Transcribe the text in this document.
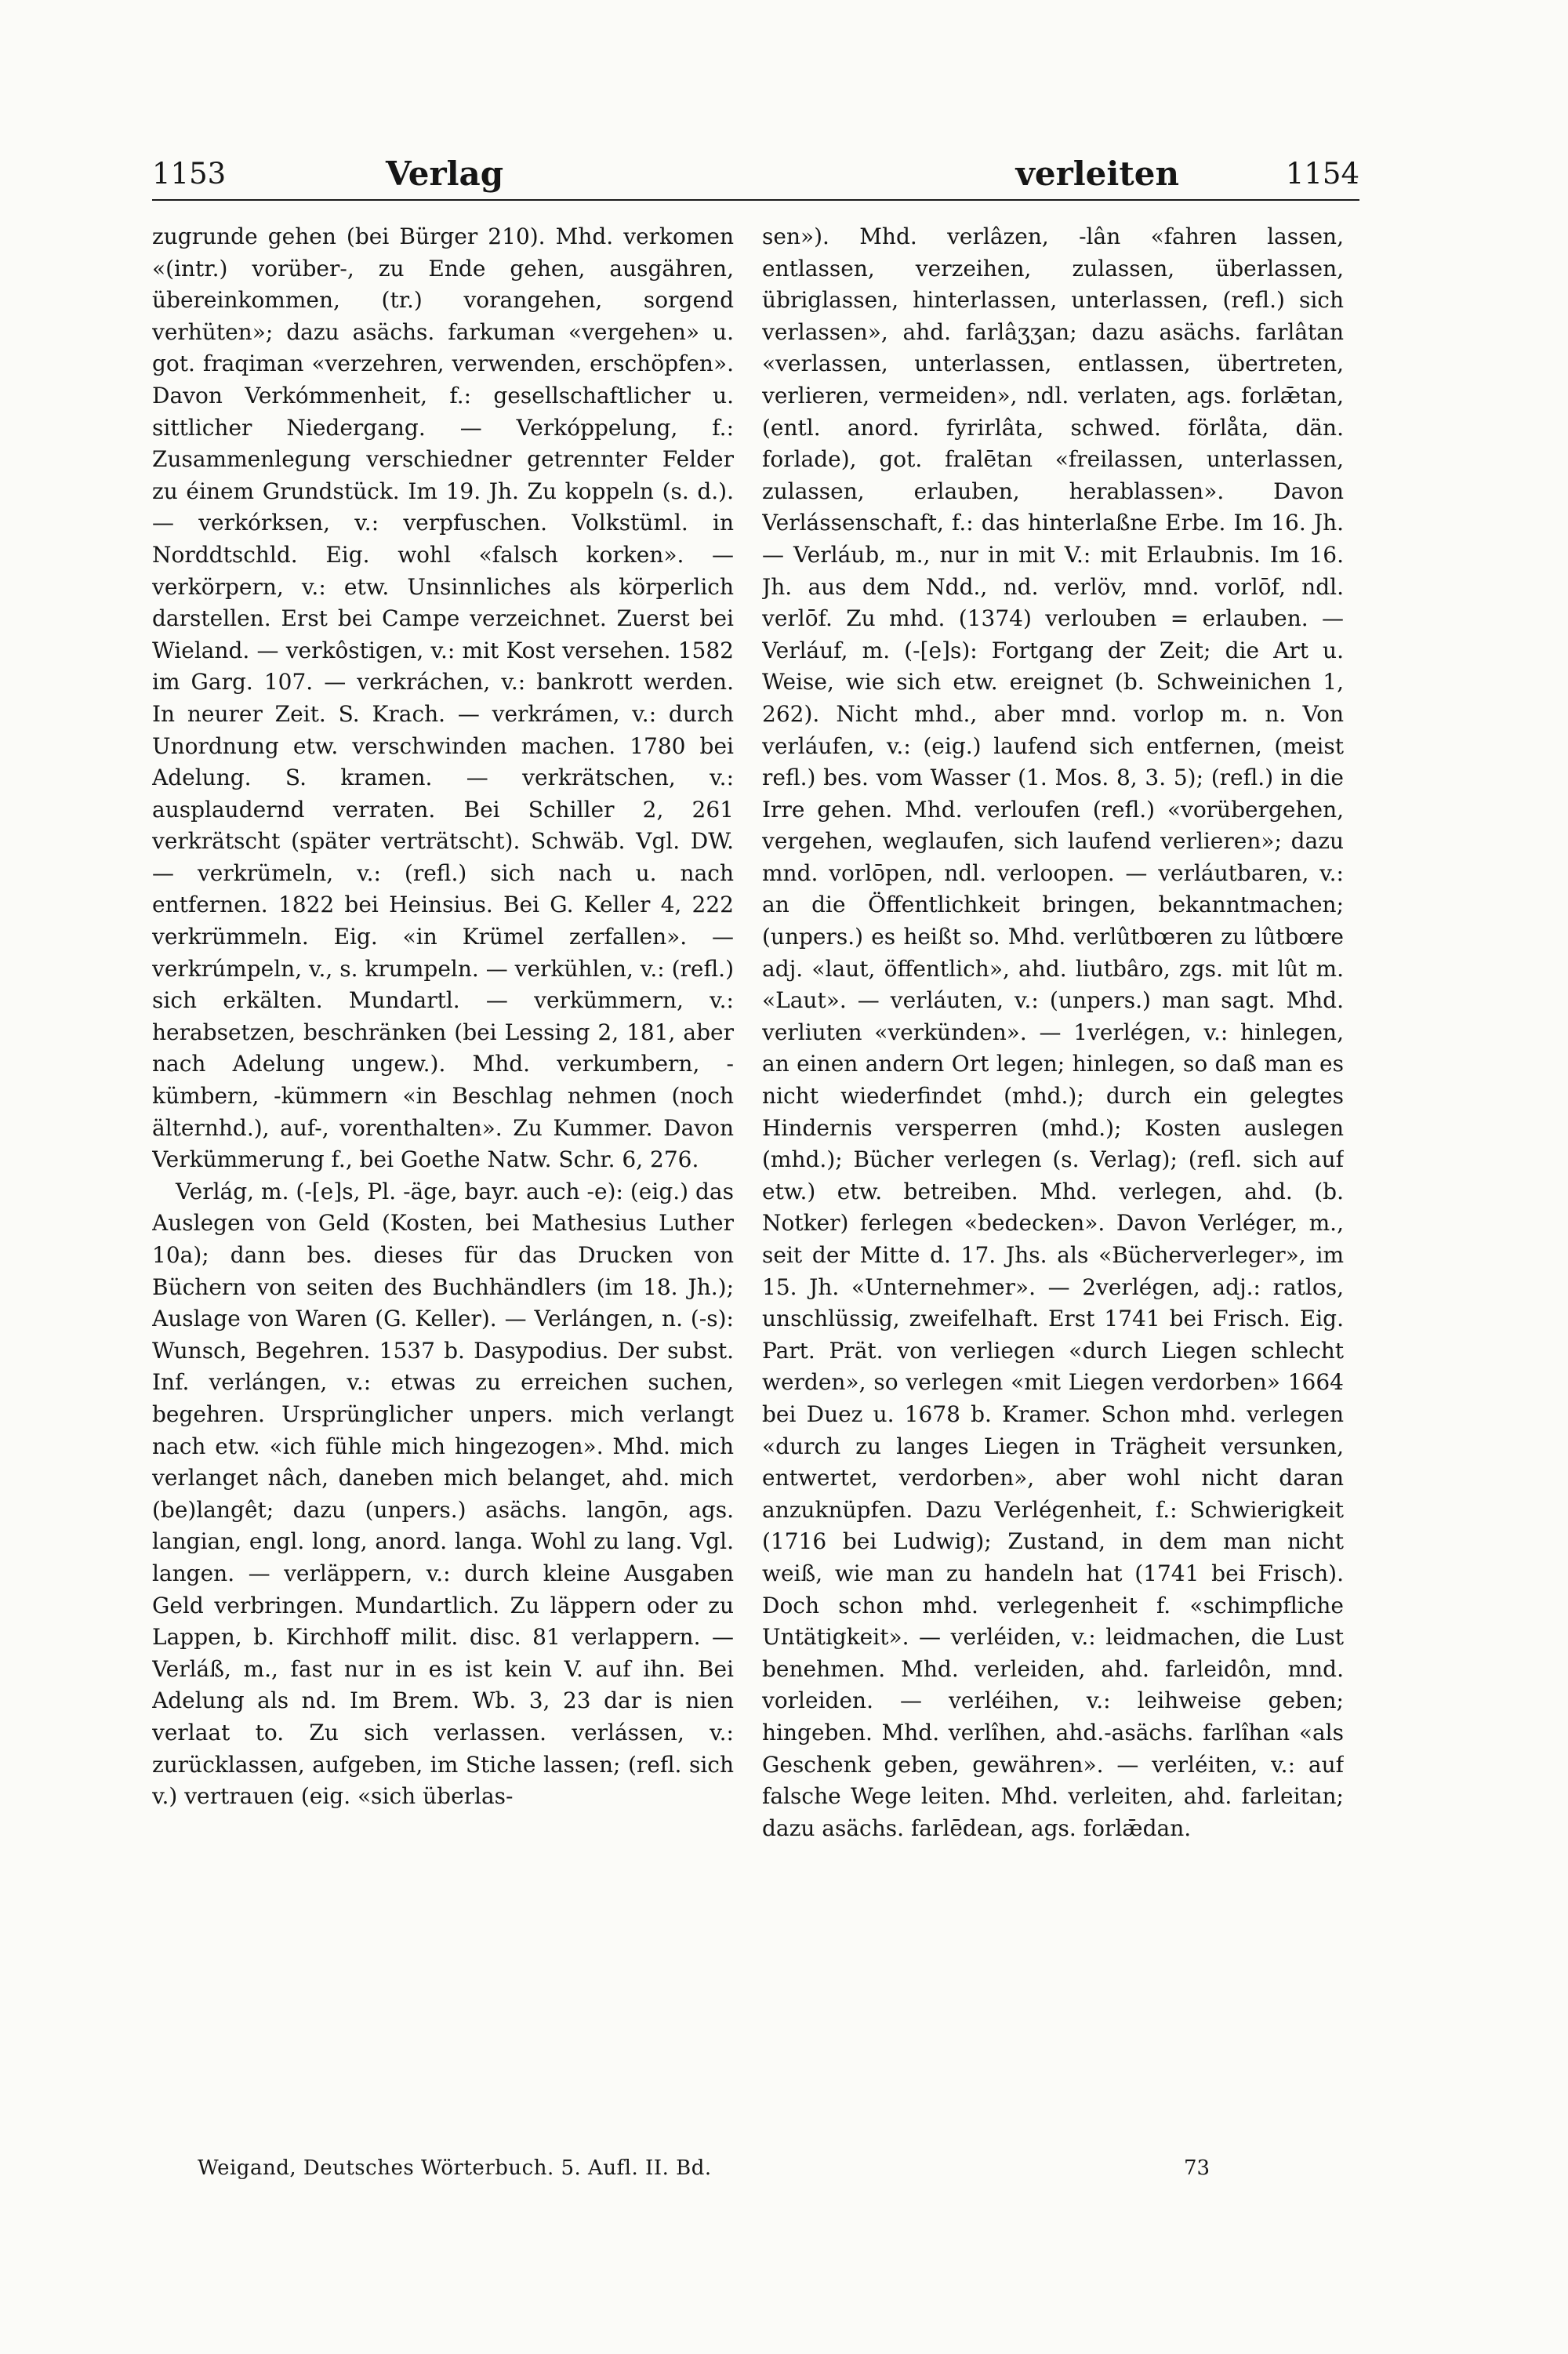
1153	Verlag	verleiten	1154

zugrunde gehen (bei Bürger 210). Mhd. verkomen «(intr.) vorüber-, zu Ende gehen, ausgähren, übereinkommen, (tr.) vorangehen, sorgend verhüten»; dazu asächs. farkuman «vergehen» u. got. fraqiman «verzehren, verwenden, erschöpfen». Davon Verkómmenheit, f.: gesellschaftlicher u. sittlicher Niedergang. — Verkóppelung, f.: Zusammenlegung verschiedner getrennter Felder zu éinem Grundstück. Im 19. Jh. Zu koppeln (s. d.). — verkórksen, v.: verpfuschen. Volkstüml. in Norddtschld. Eig. wohl «falsch korken». — verkörpern, v.: etw. Unsinnliches als körperlich darstellen. Erst bei Campe verzeichnet. Zuerst bei Wieland. — verkôstigen, v.: mit Kost versehen. 1582 im Garg. 107. — verkráchen, v.: bankrott werden. In neurer Zeit. S. Krach. — verkrámen, v.: durch Unordnung etw. verschwinden machen. 1780 bei Adelung. S. kramen. — verkrätschen, v.: ausplaudernd verraten. Bei Schiller 2, 261 verkrätscht (später verträtscht). Schwäb. Vgl. DW. — verkrümeln, v.: (refl.) sich nach u. nach entfernen. 1822 bei Heinsius. Bei G. Keller 4, 222 verkrümmeln. Eig. «in Krümel zerfallen». — verkrúmpeln, v., s. krumpeln. — verkühlen, v.: (refl.) sich erkälten. Mundartl. — verkümmern, v.: herabsetzen, beschränken (bei Lessing 2, 181, aber nach Adelung ungew.). Mhd. verkumbern, -kümbern, -kümmern «in Beschlag nehmen (noch älternhd.), auf-, vorenthalten». Zu Kummer. Davon Verkümmerung f., bei Goethe Natw. Schr. 6, 276.

Verlág, m. (-[e]s, Pl. -äge, bayr. auch -e): (eig.) das Auslegen von Geld (Kosten, bei Mathesius Luther 10a); dann bes. dieses für das Drucken von Büchern von seiten des Buchhändlers (im 18. Jh.); Auslage von Waren (G. Keller). — Verlángen, n. (-s): Wunsch, Begehren. 1537 b. Dasypodius. Der subst. Inf. verlángen, v.: etwas zu erreichen suchen, begehren. Ursprünglicher unpers. mich verlangt nach etw. «ich fühle mich hingezogen». Mhd. mich verlanget nâch, daneben mich belanget, ahd. mich (be)langêt; dazu (unpers.) asächs. langōn, ags. langian, engl. long, anord. langa. Wohl zu lang. Vgl. langen. — verläppern, v.: durch kleine Ausgaben Geld verbringen. Mundartlich. Zu läppern oder zu Lappen, b. Kirchhoff milit. disc. 81 verlappern. — Verláß, m., fast nur in es ist kein V. auf ihn. Bei Adelung als nd. Im Brem. Wb. 3, 23 dar is nien verlaat to. Zu sich verlassen. verlássen, v.: zurücklassen, aufgeben, im Stiche lassen; (refl. sich v.) vertrauen (eig. «sich überlas-

sen»). Mhd. verlâzen, -lân «fahren lassen, entlassen, verzeihen, zulassen, überlassen, übriglassen, hinterlassen, unterlassen, (refl.) sich verlassen», ahd. farlâʒʒan; dazu asächs. farlâtan «verlassen, unterlassen, entlassen, übertreten, verlieren, vermeiden», ndl. verlaten, ags. forlǣtan, (entl. anord. fyrirlâta, schwed. förlåta, dän. forlade), got. fralētan «freilassen, unterlassen, zulassen, erlauben, herablassen». Davon Verlássenschaft, f.: das hinterlaßne Erbe. Im 16. Jh. — Verláub, m., nur in mit V.: mit Erlaubnis. Im 16. Jh. aus dem Ndd., nd. verlöv, mnd. vorlōf, ndl. verlōf. Zu mhd. (1374) verlouben = erlauben. — Verláuf, m. (-[e]s): Fortgang der Zeit; die Art u. Weise, wie sich etw. ereignet (b. Schweinichen 1, 262). Nicht mhd., aber mnd. vorlop m. n. Von verláufen, v.: (eig.) laufend sich entfernen, (meist refl.) bes. vom Wasser (1. Mos. 8, 3. 5); (refl.) in die Irre gehen. Mhd. verloufen (refl.) «vorübergehen, vergehen, weglaufen, sich laufend verlieren»; dazu mnd. vorlōpen, ndl. verloopen. — verláutbaren, v.: an die Öffentlichkeit bringen, bekanntmachen; (unpers.) es heißt so. Mhd. verlûtbœren zu lûtbœre adj. «laut, öffentlich», ahd. liutbâro, zgs. mit lût m. «Laut». — verláuten, v.: (unpers.) man sagt. Mhd. verliuten «verkünden». — 1verlégen, v.: hinlegen, an einen andern Ort legen; hinlegen, so daß man es nicht wiederfindet (mhd.); durch ein gelegtes Hindernis versperren (mhd.); Kosten auslegen (mhd.); Bücher verlegen (s. Verlag); (refl. sich auf etw.) etw. betreiben. Mhd. verlegen, ahd. (b. Notker) ferlegen «bedecken». Davon Verléger, m., seit der Mitte d. 17. Jhs. als «Bücherverleger», im 15. Jh. «Unternehmer». — 2verlégen, adj.: ratlos, unschlüssig, zweifelhaft. Erst 1741 bei Frisch. Eig. Part. Prät. von verliegen «durch Liegen schlecht werden», so verlegen «mit Liegen verdorben» 1664 bei Duez u. 1678 b. Kramer. Schon mhd. verlegen «durch zu langes Liegen in Trägheit versunken, entwertet, verdorben», aber wohl nicht daran anzuknüpfen. Dazu Verlégenheit, f.: Schwierigkeit (1716 bei Ludwig); Zustand, in dem man nicht weiß, wie man zu handeln hat (1741 bei Frisch). Doch schon mhd. verlegenheit f. «schimpfliche Untätigkeit». — verléiden, v.: leidmachen, die Lust benehmen. Mhd. verleiden, ahd. farleidôn, mnd. vorleiden. — verléihen, v.: leihweise geben; hingeben. Mhd. verlîhen, ahd.-asächs. farlîhan «als Geschenk geben, gewähren». — verléiten, v.: auf falsche Wege leiten. Mhd. verleiten, ahd. farleitan; dazu asächs. farlēdean, ags. forlǣdan.

Weigand, Deutsches Wörterbuch. 5. Aufl. II. Bd.	73
